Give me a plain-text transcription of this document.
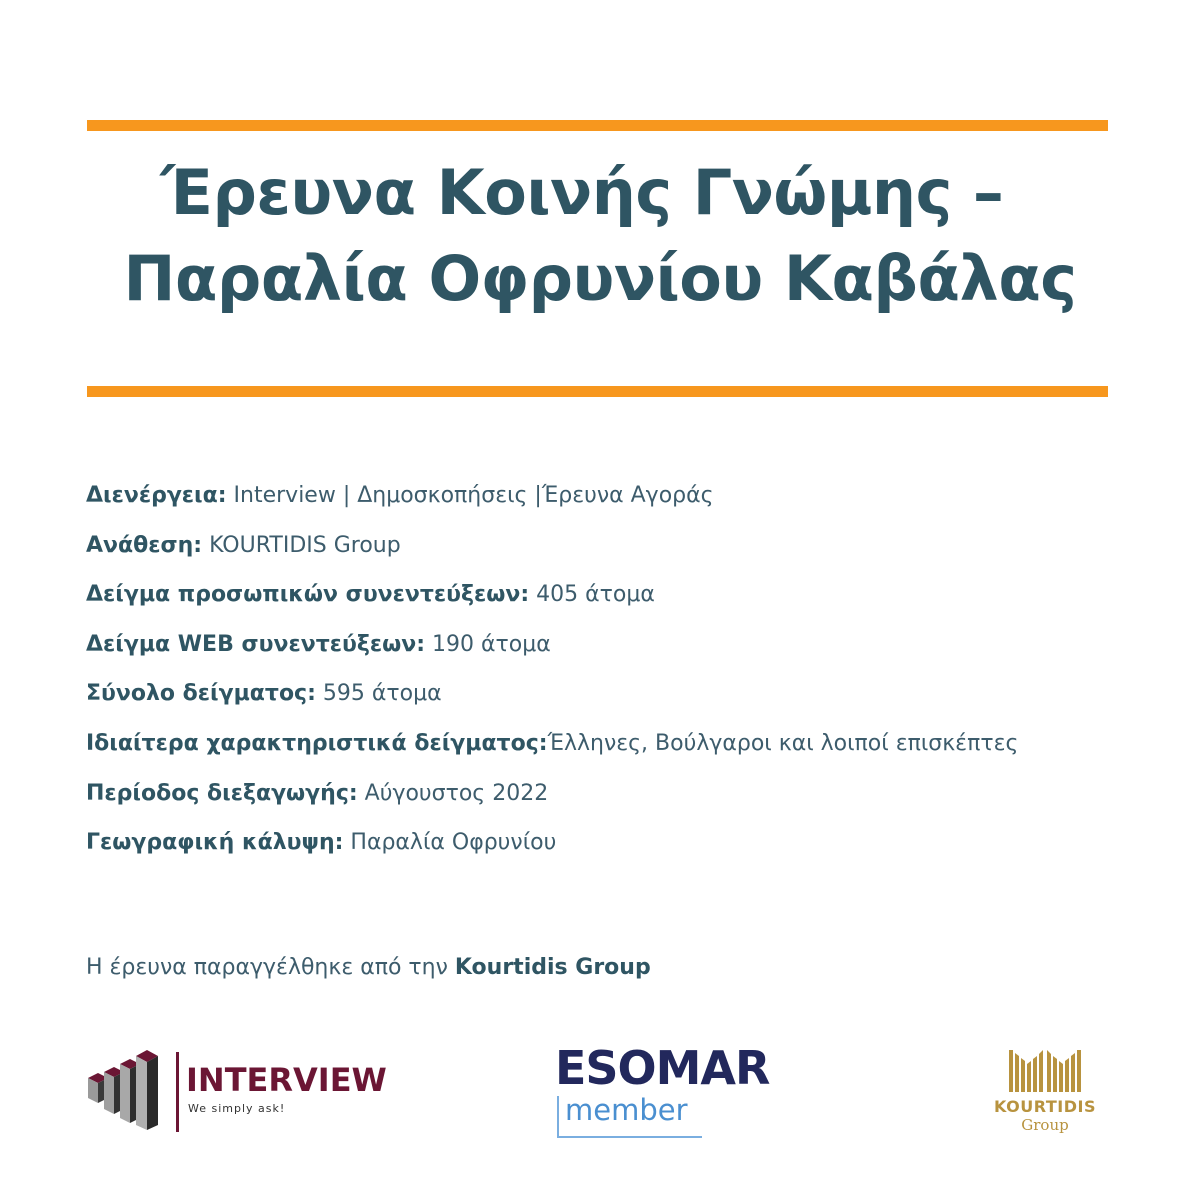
Έρευνα Κοινής Γνώμης –
Παραλία Οφρυνίου Καβάλας
Διενέργεια: Interview | Δημοσκοπήσεις |Έρευνα Αγοράς
Ανάθεση: KOURTIDIS Group
Δείγμα προσωπικών συνεντεύξεων: 405 άτομα
Δείγμα WEB συνεντεύξεων: 190 άτομα
Σύνολο δείγματος: 595 άτομα
Ιδιαίτερα χαρακτηριστικά δείγματος:Έλληνες, Βούλγαροι και λοιποί επισκέπτες
Περίοδος διεξαγωγής: Αύγουστος 2022
Γεωγραφική κάλυψη: Παραλία Οφρυνίου
Η έρευνα παραγγέλθηκε από την Kourtidis Group
INTERVIEW
We simply ask!
ESOMAR
member	KOURTIDIS
Group
